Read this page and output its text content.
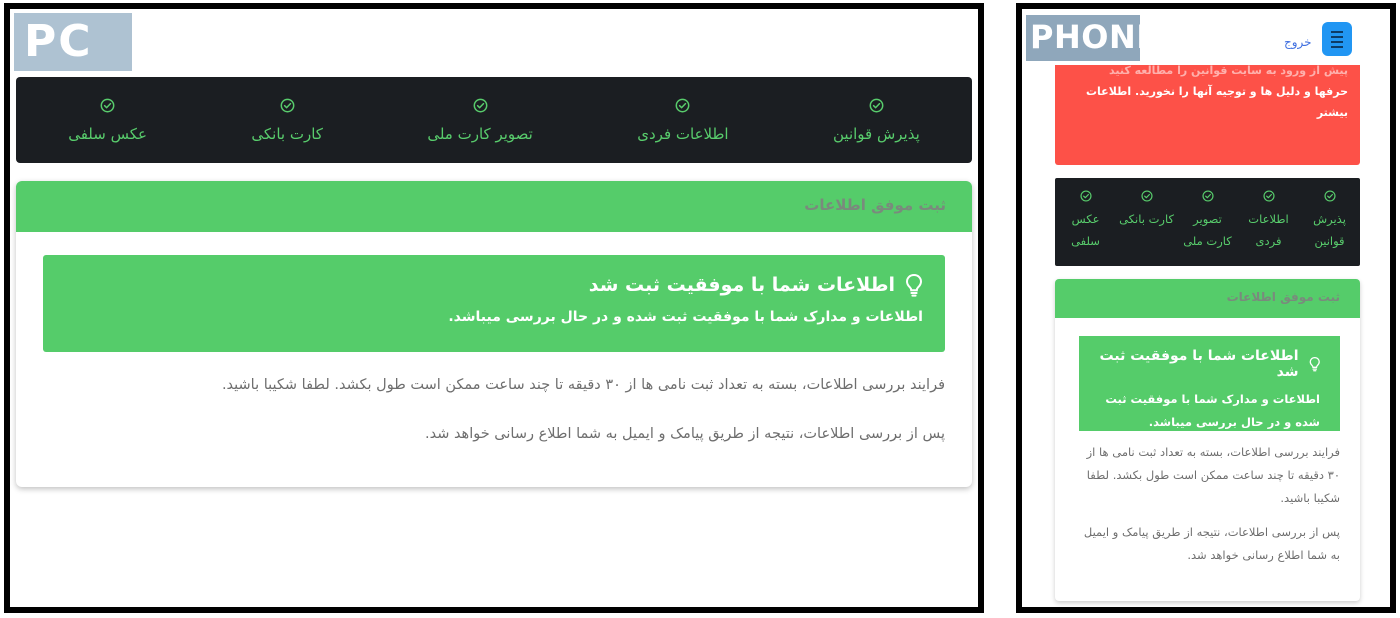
PC
پذیرش قوانین
اطلاعات فردی
تصویر کارت ملی
کارت بانکی
عکس سلفی
ثبت موفق اطلاعات
اطلاعات شما با موفقیت ثبت شد
اطلاعات و مدارک شما با موفقیت ثبت شده و در حال بررسی میباشد.

فرایند بررسی اطلاعات، بسته به تعداد ثبت نامی ها از ۳۰ دقیقه تا چند ساعت ممکن است طول بکشد. لطفا شکیبا باشید.

پس از بررسی اطلاعات، نتیجه از طریق پیامک و ایمیل به شما اطلاع رسانی خواهد شد.

پیش از ورود به سایت قوانین را مطالعه کنید
حرفها و دلیل ها و توجیه آنها را نخورید. اطلاعات
بیشتر
PHONE	خروج
پذیرش قوانین
اطلاعات فردی
تصویر کارت ملی
کارت بانکی
عکس سلفی
ثبت موفق اطلاعات
اطلاعات شما با موفقیت ثبت شد
اطلاعات و مدارک شما با موفقیت ثبت شده و در حال بررسی میباشد.

فرایند بررسی اطلاعات، بسته به تعداد ثبت نامی ها از ۳۰ دقیقه تا چند ساعت ممکن است طول بکشد. لطفا شکیبا باشید.

پس از بررسی اطلاعات، نتیجه از طریق پیامک و ایمیل به شما اطلاع رسانی خواهد شد.
